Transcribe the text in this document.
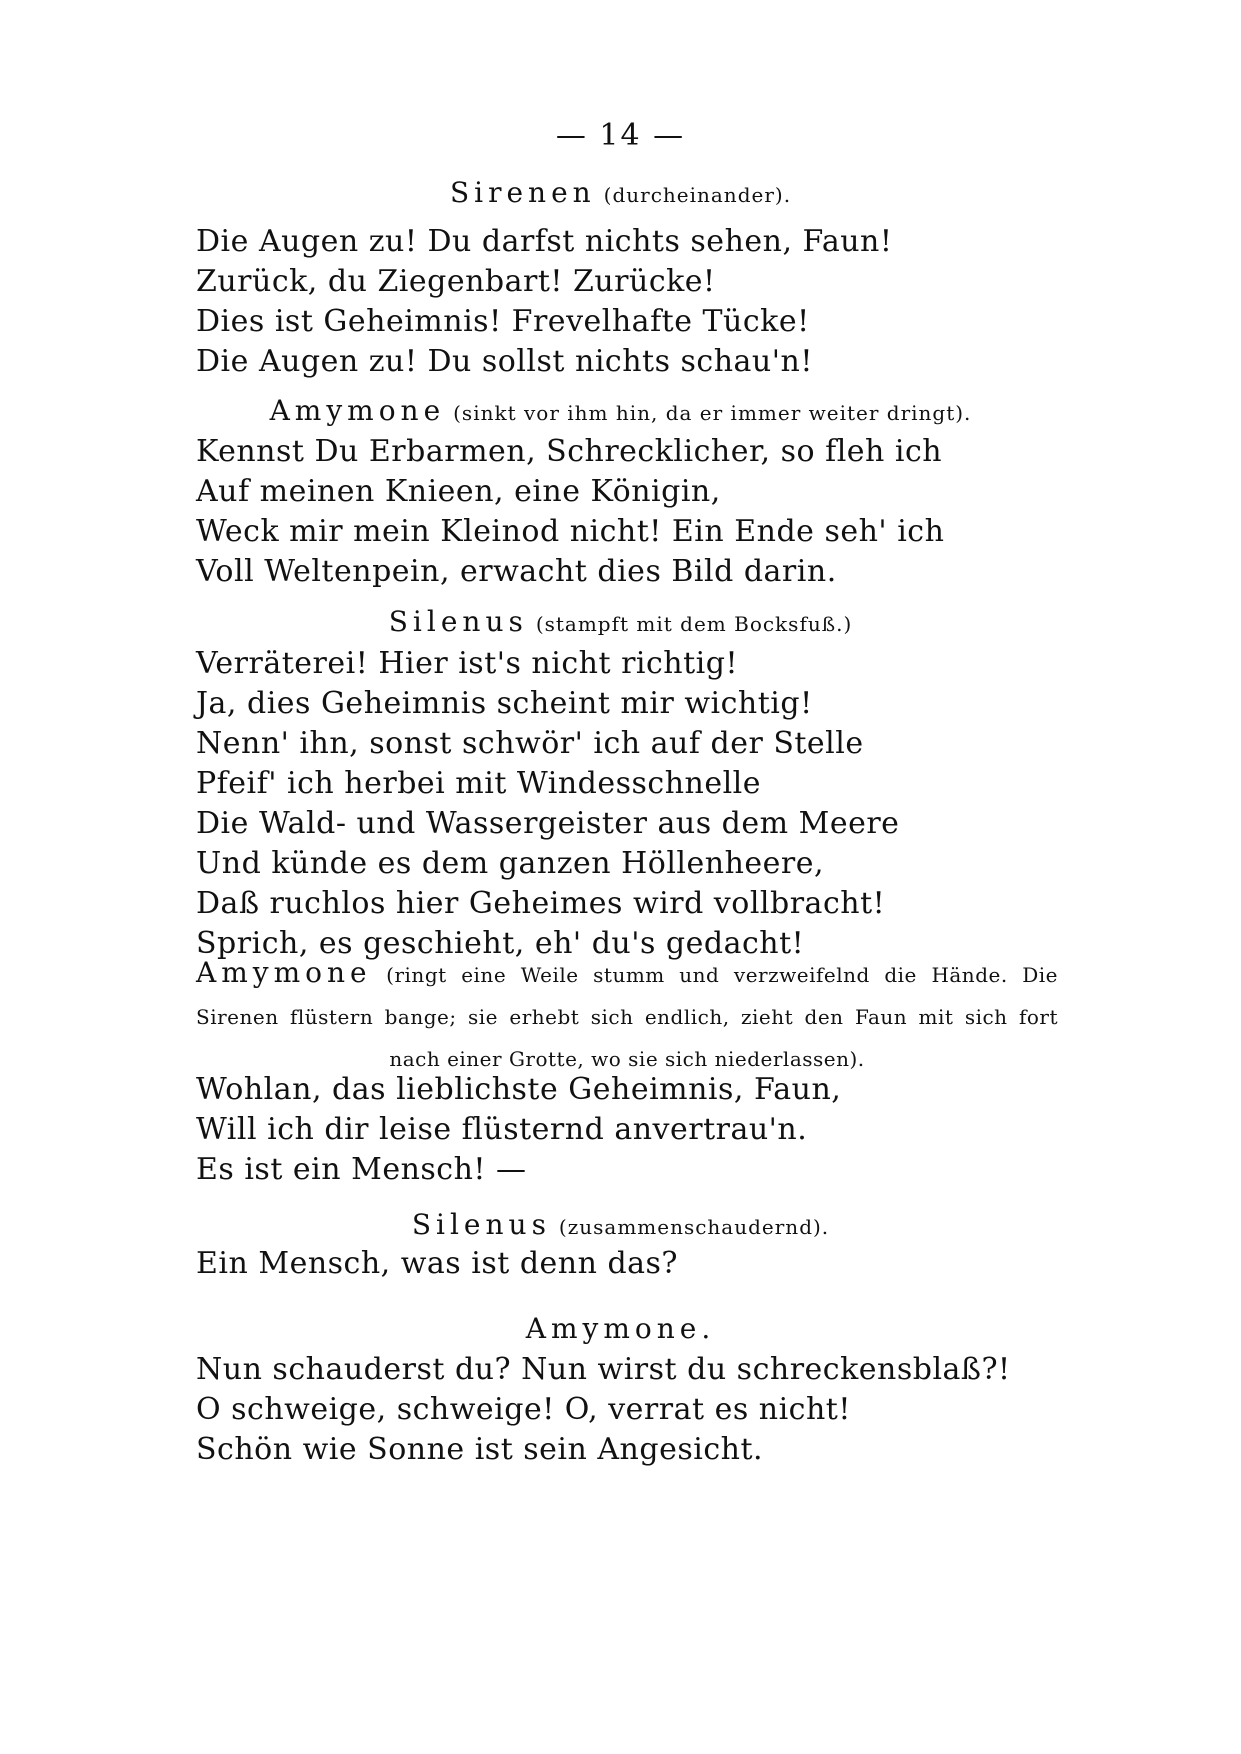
— 14 —
Sirenen (durcheinander).
Die Augen zu! Du darfst nichts sehen, Faun!
Zurück, du Ziegenbart! Zurücke!
Dies ist Geheimnis! Frevelhafte Tücke!
Die Augen zu! Du sollst nichts schau'n!
Amymone (sinkt vor ihm hin, da er immer weiter dringt).
Kennst Du Erbarmen, Schrecklicher, so fleh ich
Auf meinen Knieen, eine Königin,
Weck mir mein Kleinod nicht! Ein Ende seh' ich
Voll Weltenpein, erwacht dies Bild darin.
Silenus (stampft mit dem Bocksfuß.)
Verräterei! Hier ist's nicht richtig!
Ja, dies Geheimnis scheint mir wichtig!
Nenn' ihn, sonst schwör' ich auf der Stelle
Pfeif' ich herbei mit Windesschnelle
Die Wald- und Wassergeister aus dem Meere
Und künde es dem ganzen Höllenheere,
Daß ruchlos hier Geheimes wird vollbracht!
Sprich, es geschieht, eh' du's gedacht!
Amymone (ringt eine Weile stumm und verzweifelnd die Hände. Die
Sirenen flüstern bange; sie erhebt sich endlich, zieht den Faun mit sich fort
nach einer Grotte, wo sie sich niederlassen).
Wohlan, das lieblichste Geheimnis, Faun,
Will ich dir leise flüsternd anvertrau'n.
Es ist ein Mensch! —
Silenus (zusammenschaudernd).
Ein Mensch, was ist denn das?
Amymone.
Nun schauderst du? Nun wirst du schreckensblaß?!
O schweige, schweige! O, verrat es nicht!
Schön wie Sonne ist sein Angesicht.
